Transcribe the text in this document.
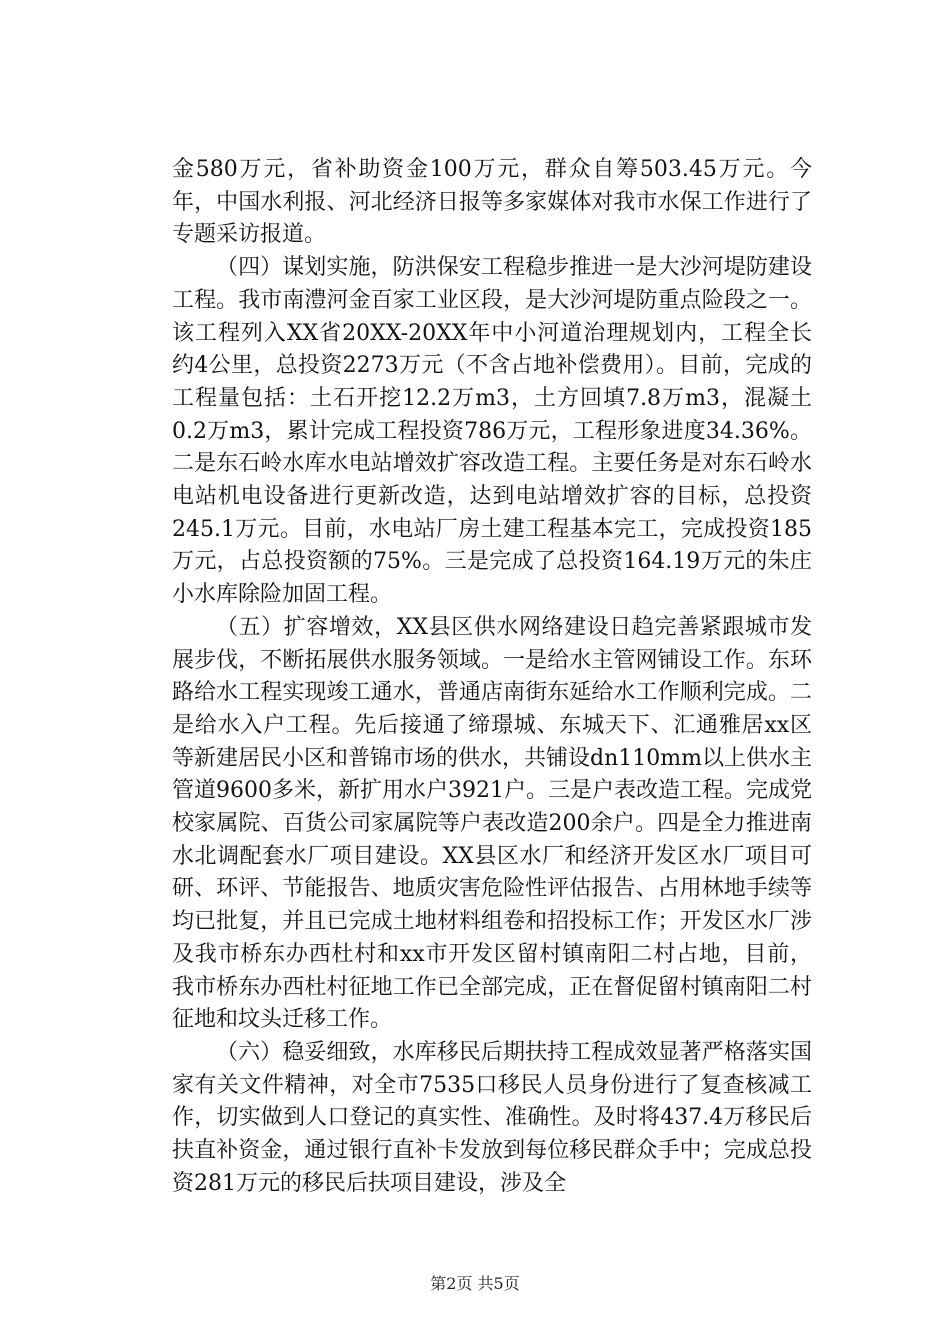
金580万元，省补助资金100万元，群众自筹503.45万元。今年，中国水利报、河北经济日报等多家媒体对我市水保工作进行了专题采访报道。

（四）谋划实施，防洪保安工程稳步推进一是大沙河堤防建设工程。我市南澧河金百家工业区段，是大沙河堤防重点险段之一。该工程列入XX省20XX-20XX年中小河道治理规划内，工程全长约4公里，总投资2273万元（不含占地补偿费用）。目前，完成的工程量包括：土石开挖12.2万m3，土方回填7.8万m3，混凝土0.2万m3，累计完成工程投资786万元，工程形象进度34.36%。二是东石岭水库水电站增效扩容改造工程。主要任务是对东石岭水电站机电设备进行更新改造，达到电站增效扩容的目标，总投资245.1万元。目前，水电站厂房土建工程基本完工，完成投资185万元，占总投资额的75%。三是完成了总投资164.19万元的朱庄小水库除险加固工程。

（五）扩容增效，XX县区供水网络建设日趋完善紧跟城市发展步伐，不断拓展供水服务领域。一是给水主管网铺设工作。东环路给水工程实现竣工通水，普通店南街东延给水工作顺利完成。二是给水入户工程。先后接通了缔璟城、东城天下、汇通雅居xx区等新建居民小区和普锦市场的供水，共铺设dn110mm以上供水主管道9600多米，新扩用水户3921户。三是户表改造工程。完成党校家属院、百货公司家属院等户表改造200余户。四是全力推进南水北调配套水厂项目建设。XX县区水厂和经济开发区水厂项目可研、环评、节能报告、地质灾害危险性评估报告、占用林地手续等均已批复，并且已完成土地材料组卷和招投标工作；开发区水厂涉及我市桥东办西杜村和xx市开发区留村镇南阳二村占地，目前，我市桥东办西杜村征地工作已全部完成，正在督促留村镇南阳二村征地和坟头迁移工作。

（六）稳妥细致，水库移民后期扶持工程成效显著严格落实国家有关文件精神，对全市7535口移民人员身份进行了复查核减工作，切实做到人口登记的真实性、准确性。及时将437.4万移民后扶直补资金，通过银行直补卡发放到每位移民群众手中；完成总投资281万元的移民后扶项目建设，涉及全

第2页 共5页
